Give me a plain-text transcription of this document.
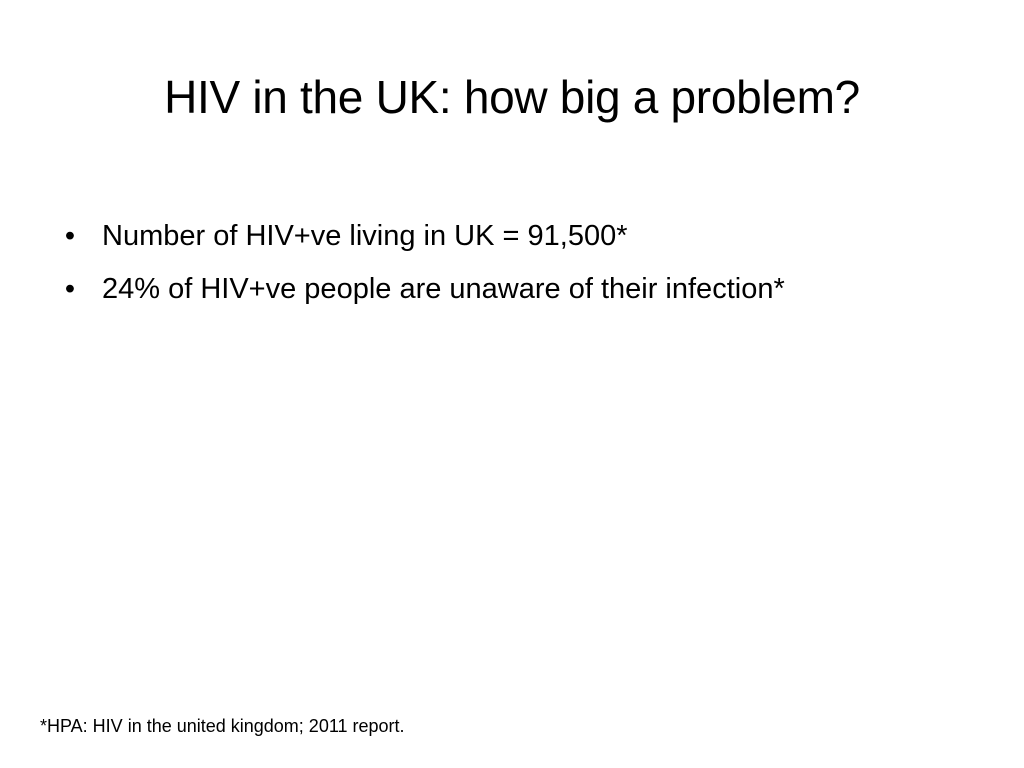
HIV in the UK: how big a problem?
• Number of HIV+ve living in UK = 91,500*
• 24% of HIV+ve people are unaware of their infection*
*HPA: HIV in the united kingdom; 2011 report.
